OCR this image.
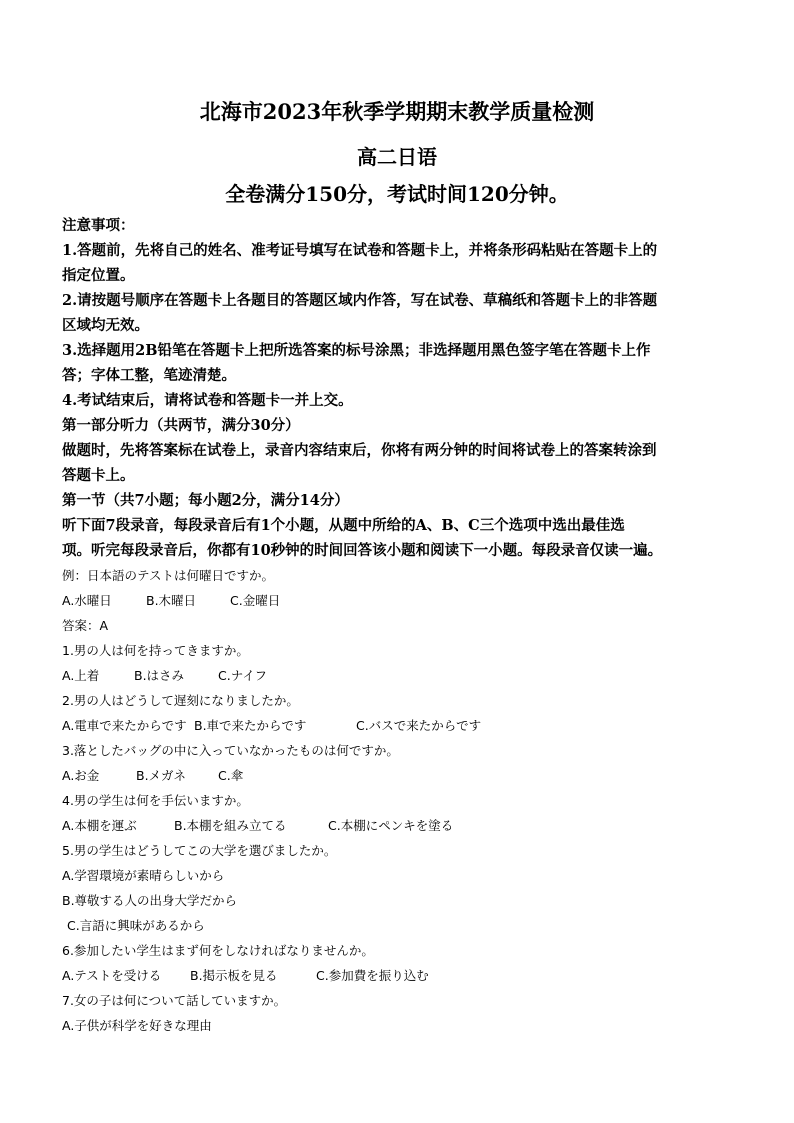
北海市2023年秋季学期期末教学质量检测
高二日语
全卷满分150分，考试时间120分钟。
注意事项：
1.答题前，先将自己的姓名、准考证号填写在试卷和答题卡上，并将条形码粘贴在答题卡上的
指定位置。
2.请按题号顺序在答题卡上各题目的答题区域内作答，写在试卷、草稿纸和答题卡上的非答题
区域均无效。
3.选择题用2B铅笔在答题卡上把所选答案的标号涂黑；非选择题用黑色签字笔在答题卡上作
答；字体工整，笔迹清楚。
4.考试结束后，请将试卷和答题卡一并上交。
第一部分听力（共两节，满分30分）
做题时，先将答案标在试卷上，录音内容结束后，你将有两分钟的时间将试卷上的答案转涂到
答题卡上。
第一节（共7小题；每小题2分，满分14分）
听下面7段录音，每段录音后有1个小题，从题中所给的A、B、C三个选项中选出最佳选
项。听完每段录音后，你都有10秒钟的时间回答该小题和阅读下一小题。每段录音仅读一遍。
例：日本語のテストは何曜日ですか。
A.水曜日	B.木曜日	C.金曜日
答案：A
1.男の人は何を持ってきますか。
A.上着	B.はさみ	C.ナイフ
2.男の人はどうして遅刻になりましたか。
A.電車で来たからです B.車で来たからです	C.バスで来たからです
3.落としたバッグの中に入っていなかったものは何ですか。
A.お金	B.メガネ	C.傘
4.男の学生は何を手伝いますか。
A.本棚を運ぶ	B.本棚を組み立てる	C.本棚にペンキを塗る
5.男の学生はどうしてこの大学を選びましたか。
A.学習環境が素晴らしいから
B.尊敬する人の出身大学だから
C.言語に興味があるから
6.参加したい学生はまず何をしなければなりませんか。
A.テストを受ける B.掲示板を見る	C.参加費を振り込む
7.女の子は何について話していますか。
A.子供が科学を好きな理由
